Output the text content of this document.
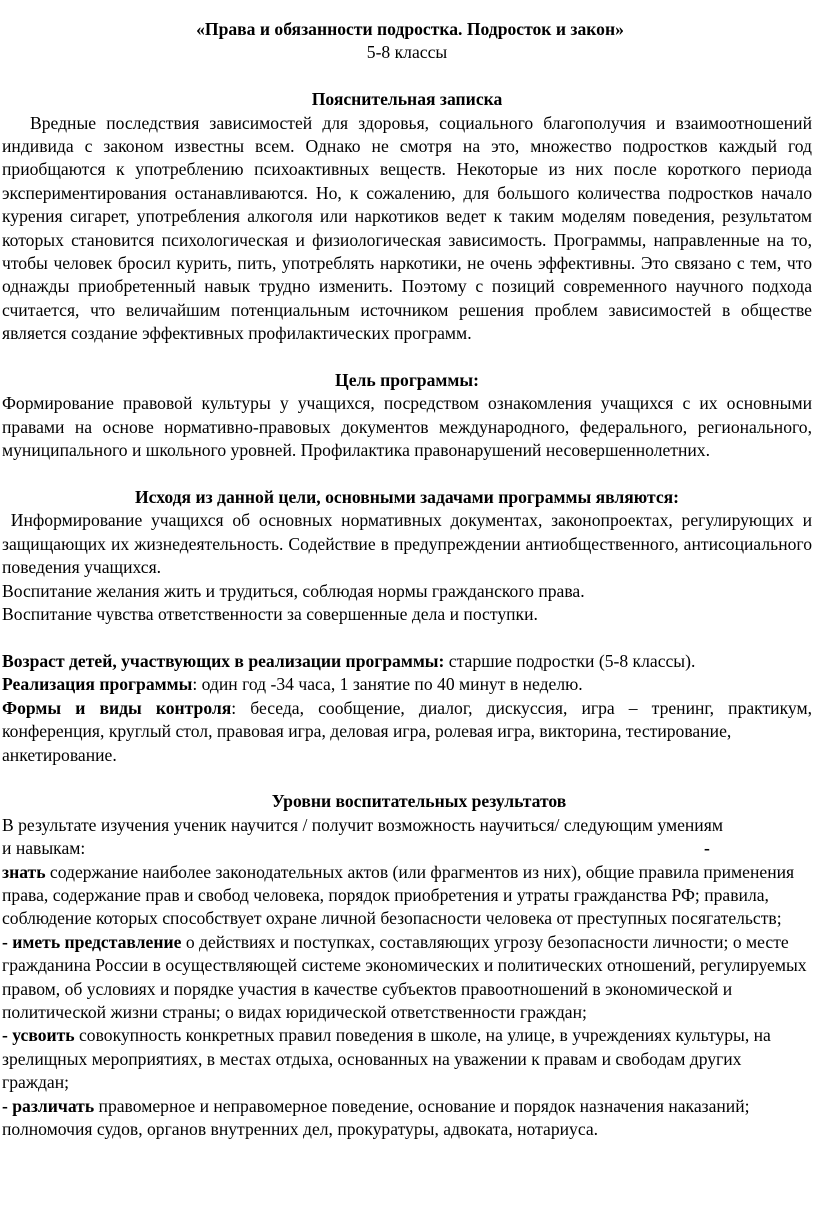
«Права и обязанности подростка. Подросток и закон»

5-8 классы

Пояснительная записка

Вредные последствия зависимостей для здоровья, социального благополучия и взаимоотношений индивида с законом известны всем. Однако не смотря на это, множество подростков каждый год приобщаются к употреблению психоактивных веществ. Некоторые из них после короткого периода экспериментирования останавливаются. Но, к сожалению, для большого количества подростков начало курения сигарет, употребления алкоголя или наркотиков ведет к таким моделям поведения, результатом которых становится психологическая и физиологическая зависимость. Программы, направленные на то, чтобы человек бросил курить, пить, употреблять наркотики, не очень эффективны. Это связано с тем, что однажды приобретенный навык трудно изменить. Поэтому с позиций современного научного подхода считается, что величайшим потенциальным источником решения проблем зависимостей в обществе является создание эффективных профилактических программ.

Цель программы:

Формирование правовой культуры у учащихся, посредством ознакомления учащихся с их основными правами на основе нормативно-правовых документов международного, федерального, регионального, муниципального и школьного уровней. Профилактика правонарушений несовершеннолетних.

Исходя из данной цели, основными задачами программы являются:

Информирование учащихся об основных нормативных документах, законопроектах, регулирующих и защищающих их жизнедеятельность. Содействие в предупреждении антиобщественного, антисоциального поведения учащихся.

Воспитание желания жить и трудиться, соблюдая нормы гражданского права.

Воспитание чувства ответственности за совершенные дела и поступки.

Возраст детей, участвующих в реализации программы: старшие подростки (5-8 классы).

Реализация программы: один год -34 часа, 1 занятие по 40 минут в неделю.

Формы и виды контроля: беседа, сообщение, диалог, дискуссия, игра – тренинг, практикум, конференция, круглый стол, правовая игра, деловая игра, ролевая игра, викторина, тестирование,

анкетирование.

Уровни воспитательных результатов

В результате изучения ученик научится / получит возможность научиться/ следующим умениям

и навыкам:	-

знать содержание наиболее законодательных актов (или фрагментов из них), общие правила применения права, содержание прав и свобод человека, порядок приобретения и утраты гражданства РФ; правила, соблюдение которых способствует охране личной безопасности человека от преступных посягательств;

- иметь представление о действиях и поступках, составляющих угрозу безопасности личности; о месте гражданина России в осуществляющей системе экономических и политических отношений, регулируемых правом, об условиях и порядке участия в качестве субъектов правоотношений в экономической и политической жизни страны; о видах юридической ответственности граждан;

- усвоить совокупность конкретных правил поведения в школе, на улице, в учреждениях культуры, на зрелищных мероприятиях, в местах отдыха, основанных на уважении к правам и свободам других граждан;

- различать правомерное и неправомерное поведение, основание и порядок назначения наказаний; полномочия судов, органов внутренних дел, прокуратуры, адвоката, нотариуса.
